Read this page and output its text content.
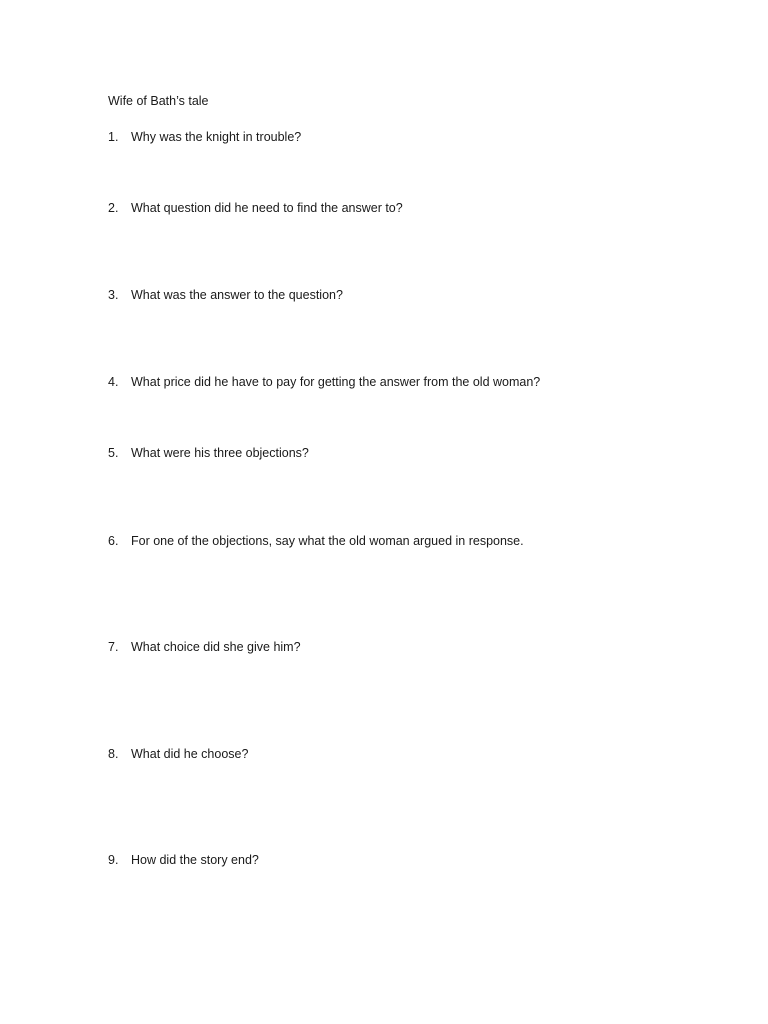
Wife of Bath’s tale
1. Why was the knight in trouble?
2. What question did he need to find the answer to?
3. What was the answer to the question?
4. What price did he have to pay for getting the answer from the old woman?
5. What were his three objections?
6. For one of the objections, say what the old woman argued in response.
7. What choice did she give him?
8. What did he choose?
9. How did the story end?
